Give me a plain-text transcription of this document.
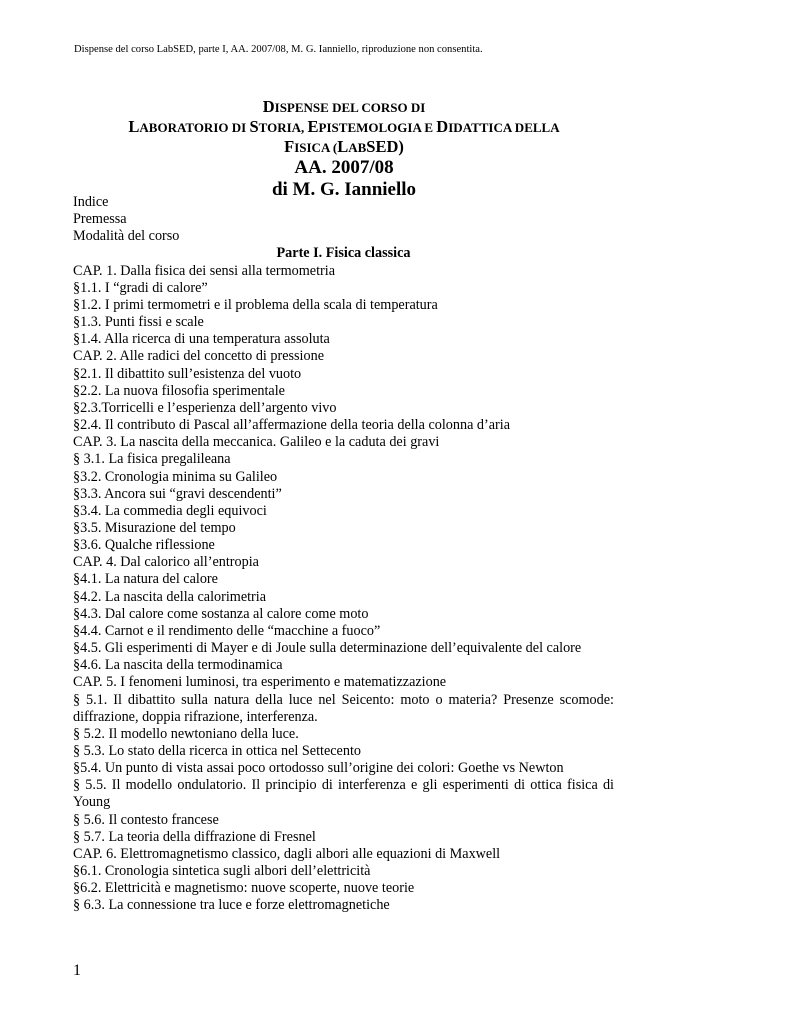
Dispense del corso LabSED, parte I, AA. 2007/08, M. G. Ianniello, riproduzione non consentita.
DISPENSE DEL CORSO DI
LABORATORIO DI STORIA, EPISTEMOLOGIA E DIDATTICA DELLA
FISICA (LABSED)
AA. 2007/08
di M. G. Ianniello
Indice
Premessa
Modalità del corso
Parte I. Fisica classica
CAP. 1. Dalla fisica dei sensi alla termometria
§1.1. I “gradi di calore”
§1.2. I primi termometri e il problema della scala di temperatura
§1.3. Punti fissi e scale
§1.4. Alla ricerca di una temperatura assoluta
CAP. 2. Alle radici del concetto di pressione
§2.1. Il dibattito sull’esistenza del vuoto
§2.2. La nuova filosofia sperimentale
§2.3.Torricelli e l’esperienza dell’argento vivo
§2.4. Il contributo di Pascal all’affermazione della teoria della colonna d’aria
CAP. 3. La nascita della meccanica. Galileo e la caduta dei gravi
§ 3.1. La fisica pregalileana
§3.2. Cronologia minima su Galileo
§3.3. Ancora sui “gravi descendenti”
§3.4. La commedia degli equivoci
§3.5. Misurazione del tempo
§3.6. Qualche riflessione
CAP. 4. Dal calorico all’entropia
§4.1. La natura del calore
§4.2. La nascita della calorimetria
§4.3. Dal calore come sostanza al calore come moto
§4.4. Carnot e il rendimento delle “macchine a fuoco”
§4.5. Gli esperimenti di Mayer e di Joule sulla determinazione dell’equivalente del calore
§4.6. La nascita della termodinamica
CAP. 5. I fenomeni luminosi, tra esperimento e matematizzazione
§ 5.1. Il dibattito sulla natura della luce nel Seicento: moto o materia? Presenze scomode: diffrazione, doppia rifrazione, interferenza.
§ 5.2. Il modello newtoniano della luce.
§ 5.3. Lo stato della ricerca in ottica nel Settecento
§5.4. Un punto di vista assai poco ortodosso sull’origine dei colori: Goethe vs Newton
§ 5.5. Il modello ondulatorio. Il principio di interferenza e gli esperimenti di ottica fisica di Young
§ 5.6. Il contesto francese
§ 5.7. La teoria della diffrazione di Fresnel
CAP. 6. Elettromagnetismo classico, dagli albori alle equazioni di Maxwell
§6.1. Cronologia sintetica sugli albori dell’elettricità
§6.2. Elettricità e magnetismo: nuove scoperte, nuove teorie
§ 6.3. La connessione tra luce e forze elettromagnetiche
1
